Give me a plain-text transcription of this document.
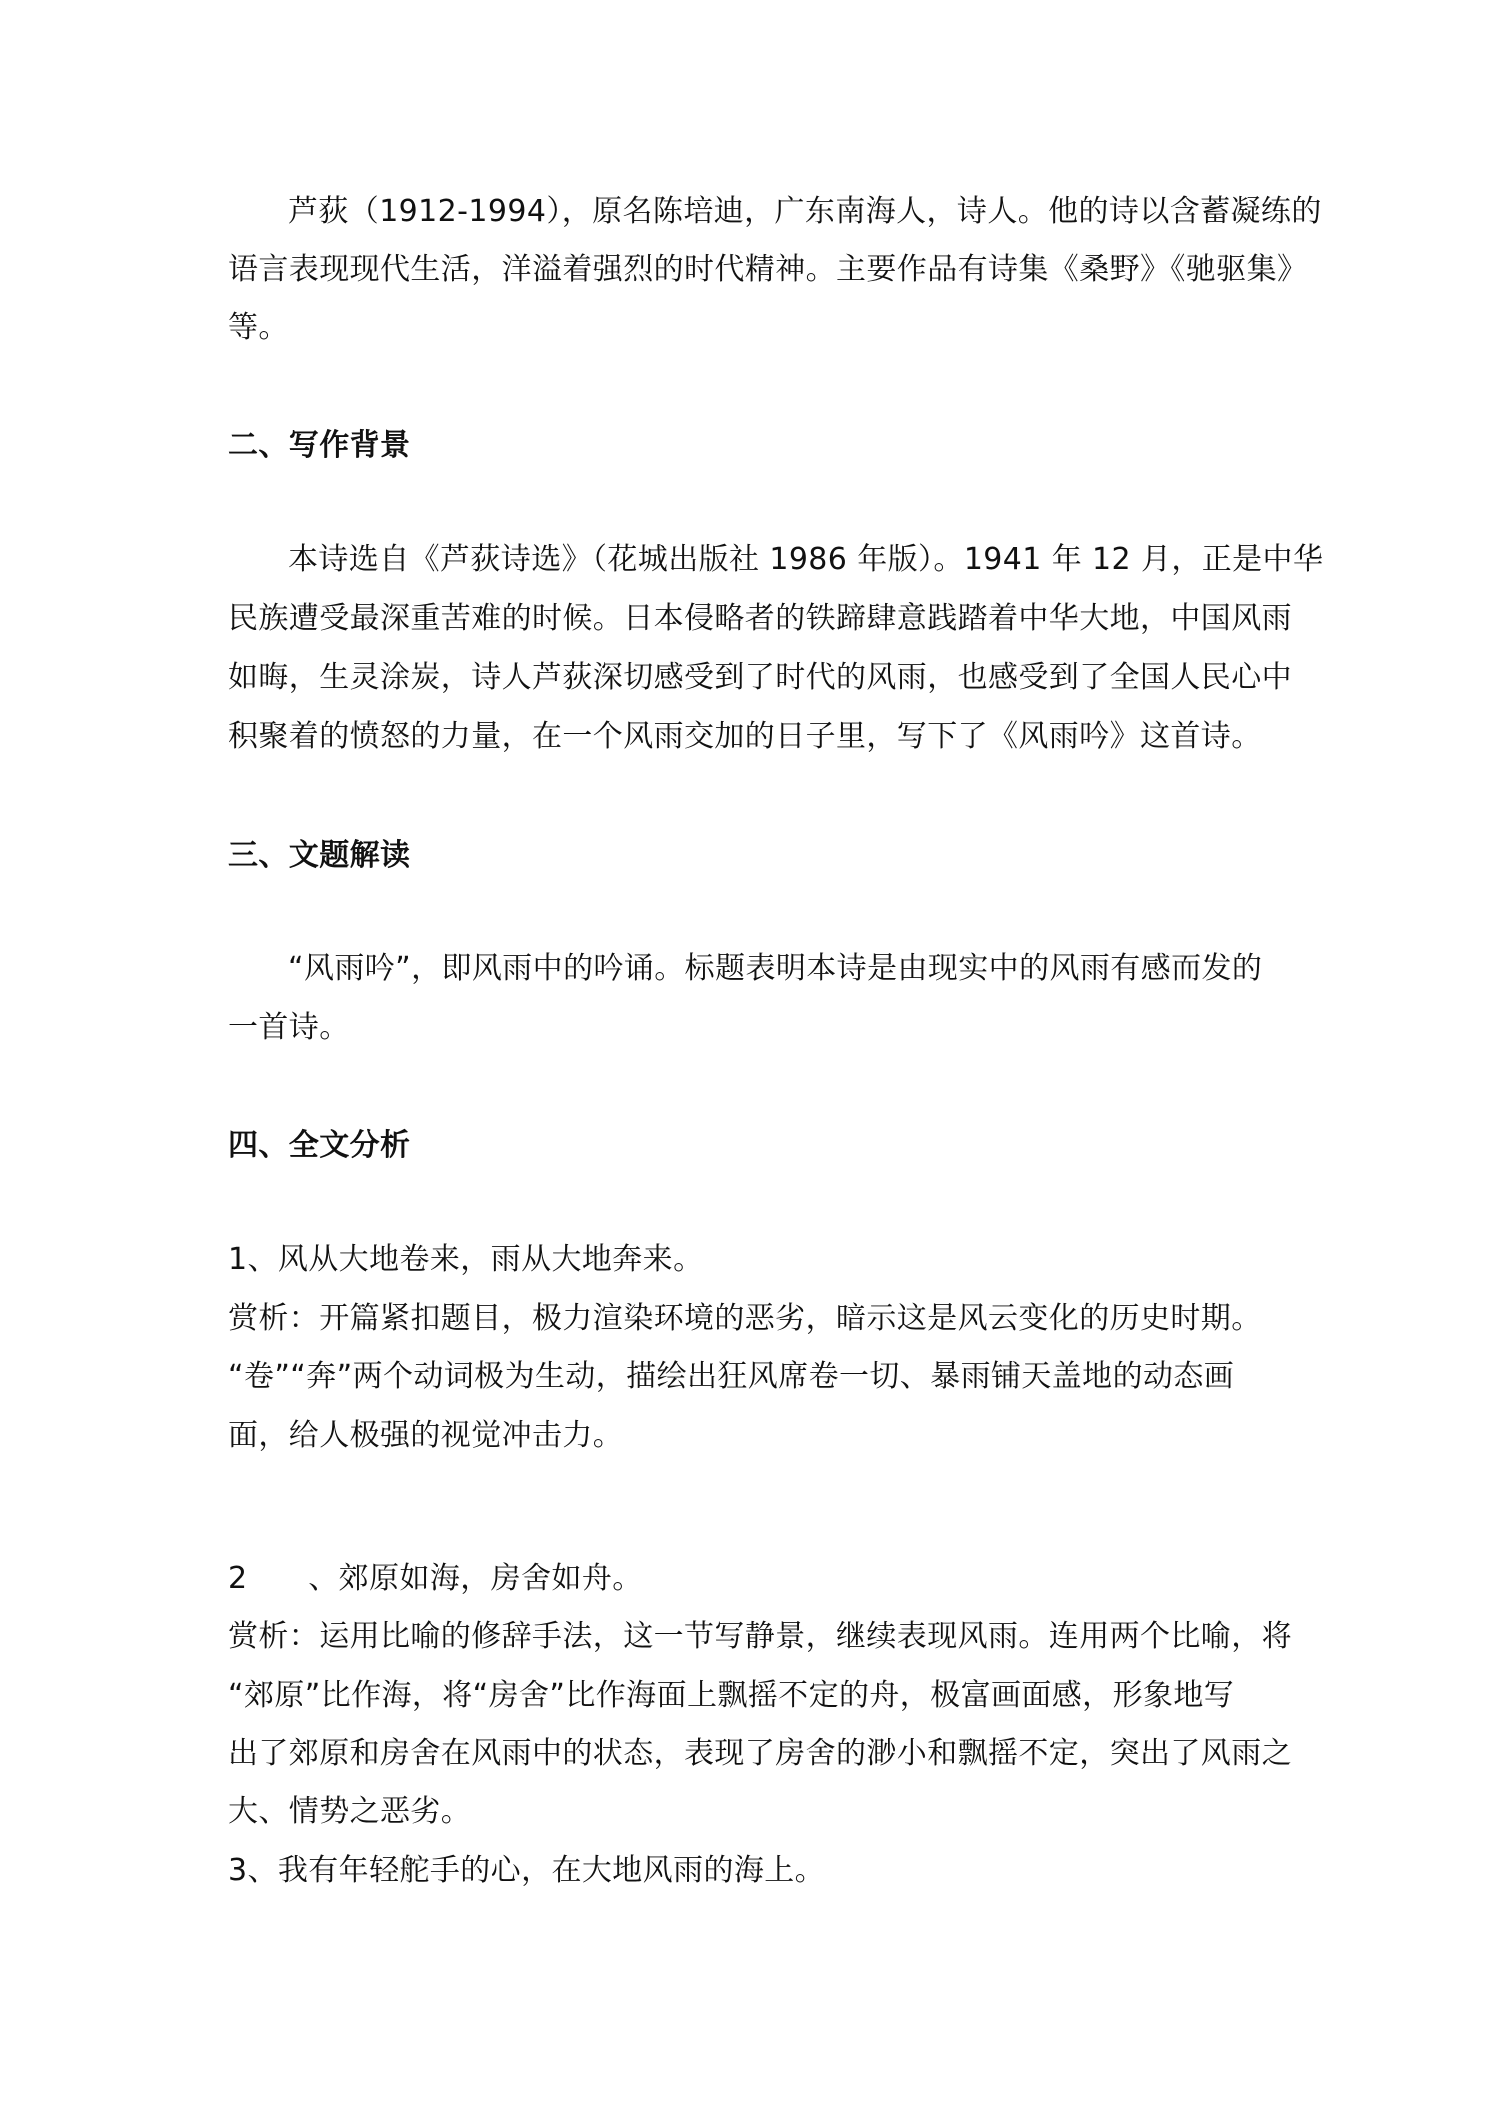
芦荻（1912-1994），原名陈培迪，广东南海人，诗人。他的诗以含蓄凝练的
语言表现现代生活，洋溢着强烈的时代精神。主要作品有诗集《桑野》《驰驱集》
等。
二、写作背景
本诗选自《芦荻诗选》（花城出版社 1986 年版）。1941 年 12 月，正是中华
民族遭受最深重苦难的时候。日本侵略者的铁蹄肆意践踏着中华大地，中国风雨
如晦，生灵涂炭，诗人芦荻深切感受到了时代的风雨，也感受到了全国人民心中
积聚着的愤怒的力量，在一个风雨交加的日子里，写下了《风雨吟》这首诗。
三、文题解读
“风雨吟”，即风雨中的吟诵。标题表明本诗是由现实中的风雨有感而发的
一首诗。
四、全文分析
1、风从大地卷来，雨从大地奔来。
赏析：开篇紧扣题目，极力渲染环境的恶劣，暗示这是风云变化的历史时期。
“卷”“奔”两个动词极为生动，描绘出狂风席卷一切、暴雨铺天盖地的动态画
面，给人极强的视觉冲击力。
2　　、郊原如海，房舍如舟。
赏析：运用比喻的修辞手法，这一节写静景，继续表现风雨。连用两个比喻，将
“郊原”比作海，将“房舍”比作海面上飘摇不定的舟，极富画面感，形象地写
出了郊原和房舍在风雨中的状态，表现了房舍的渺小和飘摇不定，突出了风雨之
大、情势之恶劣。
3、我有年轻舵手的心，在大地风雨的海上。
